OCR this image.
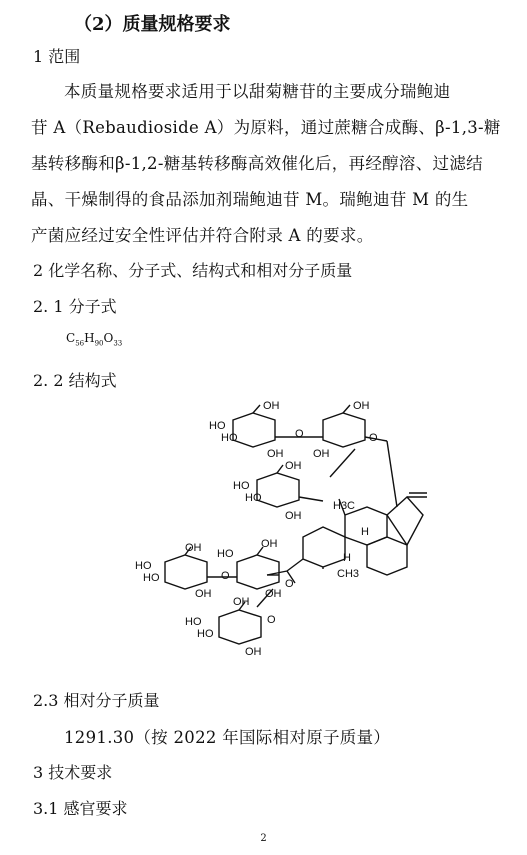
（2）质量规格要求
1 范围
本质量规格要求适用于以甜菊糖苷的主要成分瑞鲍迪
苷 A（Rebaudioside A）为原料，通过蔗糖合成酶、β-1,3-糖
基转移酶和β-1,2-糖基转移酶高效催化后，再经醇溶、过滤结
晶、干燥制得的食品添加剂瑞鲍迪苷 M。瑞鲍迪苷 M 的生
产菌应经过安全性评估并符合附录 A 的要求。
2 化学名称、分子式、结构式和相对分子质量
2. 1 分子式
$C_{56}H_{90}O_{33}$
2. 2 结构式
OH
HO
HO
OH
O
OH
OH
O
OH
HO
HO
OH
H3C
H
H
CH3
O
OH
HO
HO
OH
O
OH
HO
OH
OH
HO
HO
OH
O
2.3 相对分子质量
1291.30（按 2022 年国际相对原子质量）
3 技术要求
3.1 感官要求
2
